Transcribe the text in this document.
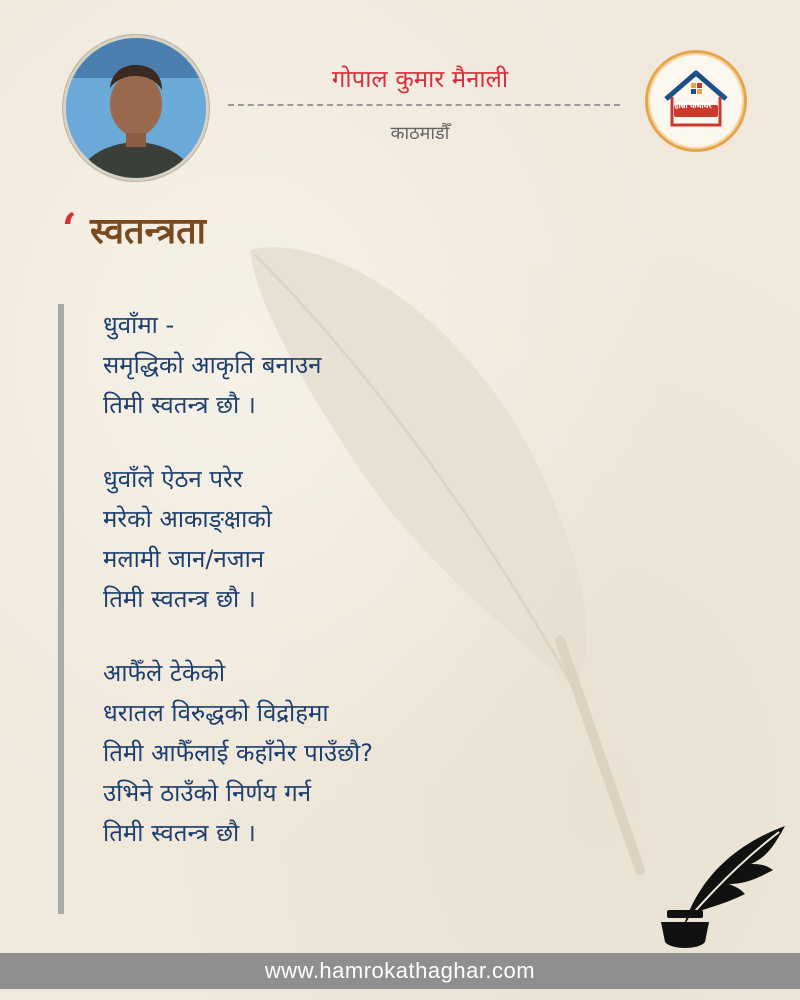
गोपाल कुमार मैनाली
काठमाडौँ
हाम्रो कथाघर
‘ स्वतन्त्रता
धुवाँमा -
समृद्धिको आकृति बनाउन
तिमी स्वतन्त्र छौ ।
धुवाँले ऐठन परेर
मरेको आकाङ्क्षाको
मलामी जान/नजान
तिमी स्वतन्त्र छौ ।
आफैँले टेकेको
धरातल विरुद्धको विद्रोहमा
तिमी आफैँलाई कहाँनेर पाउँछौ?
उभिने ठाउँको निर्णय गर्न
तिमी स्वतन्त्र छौ ।
www.hamrokathaghar.com
